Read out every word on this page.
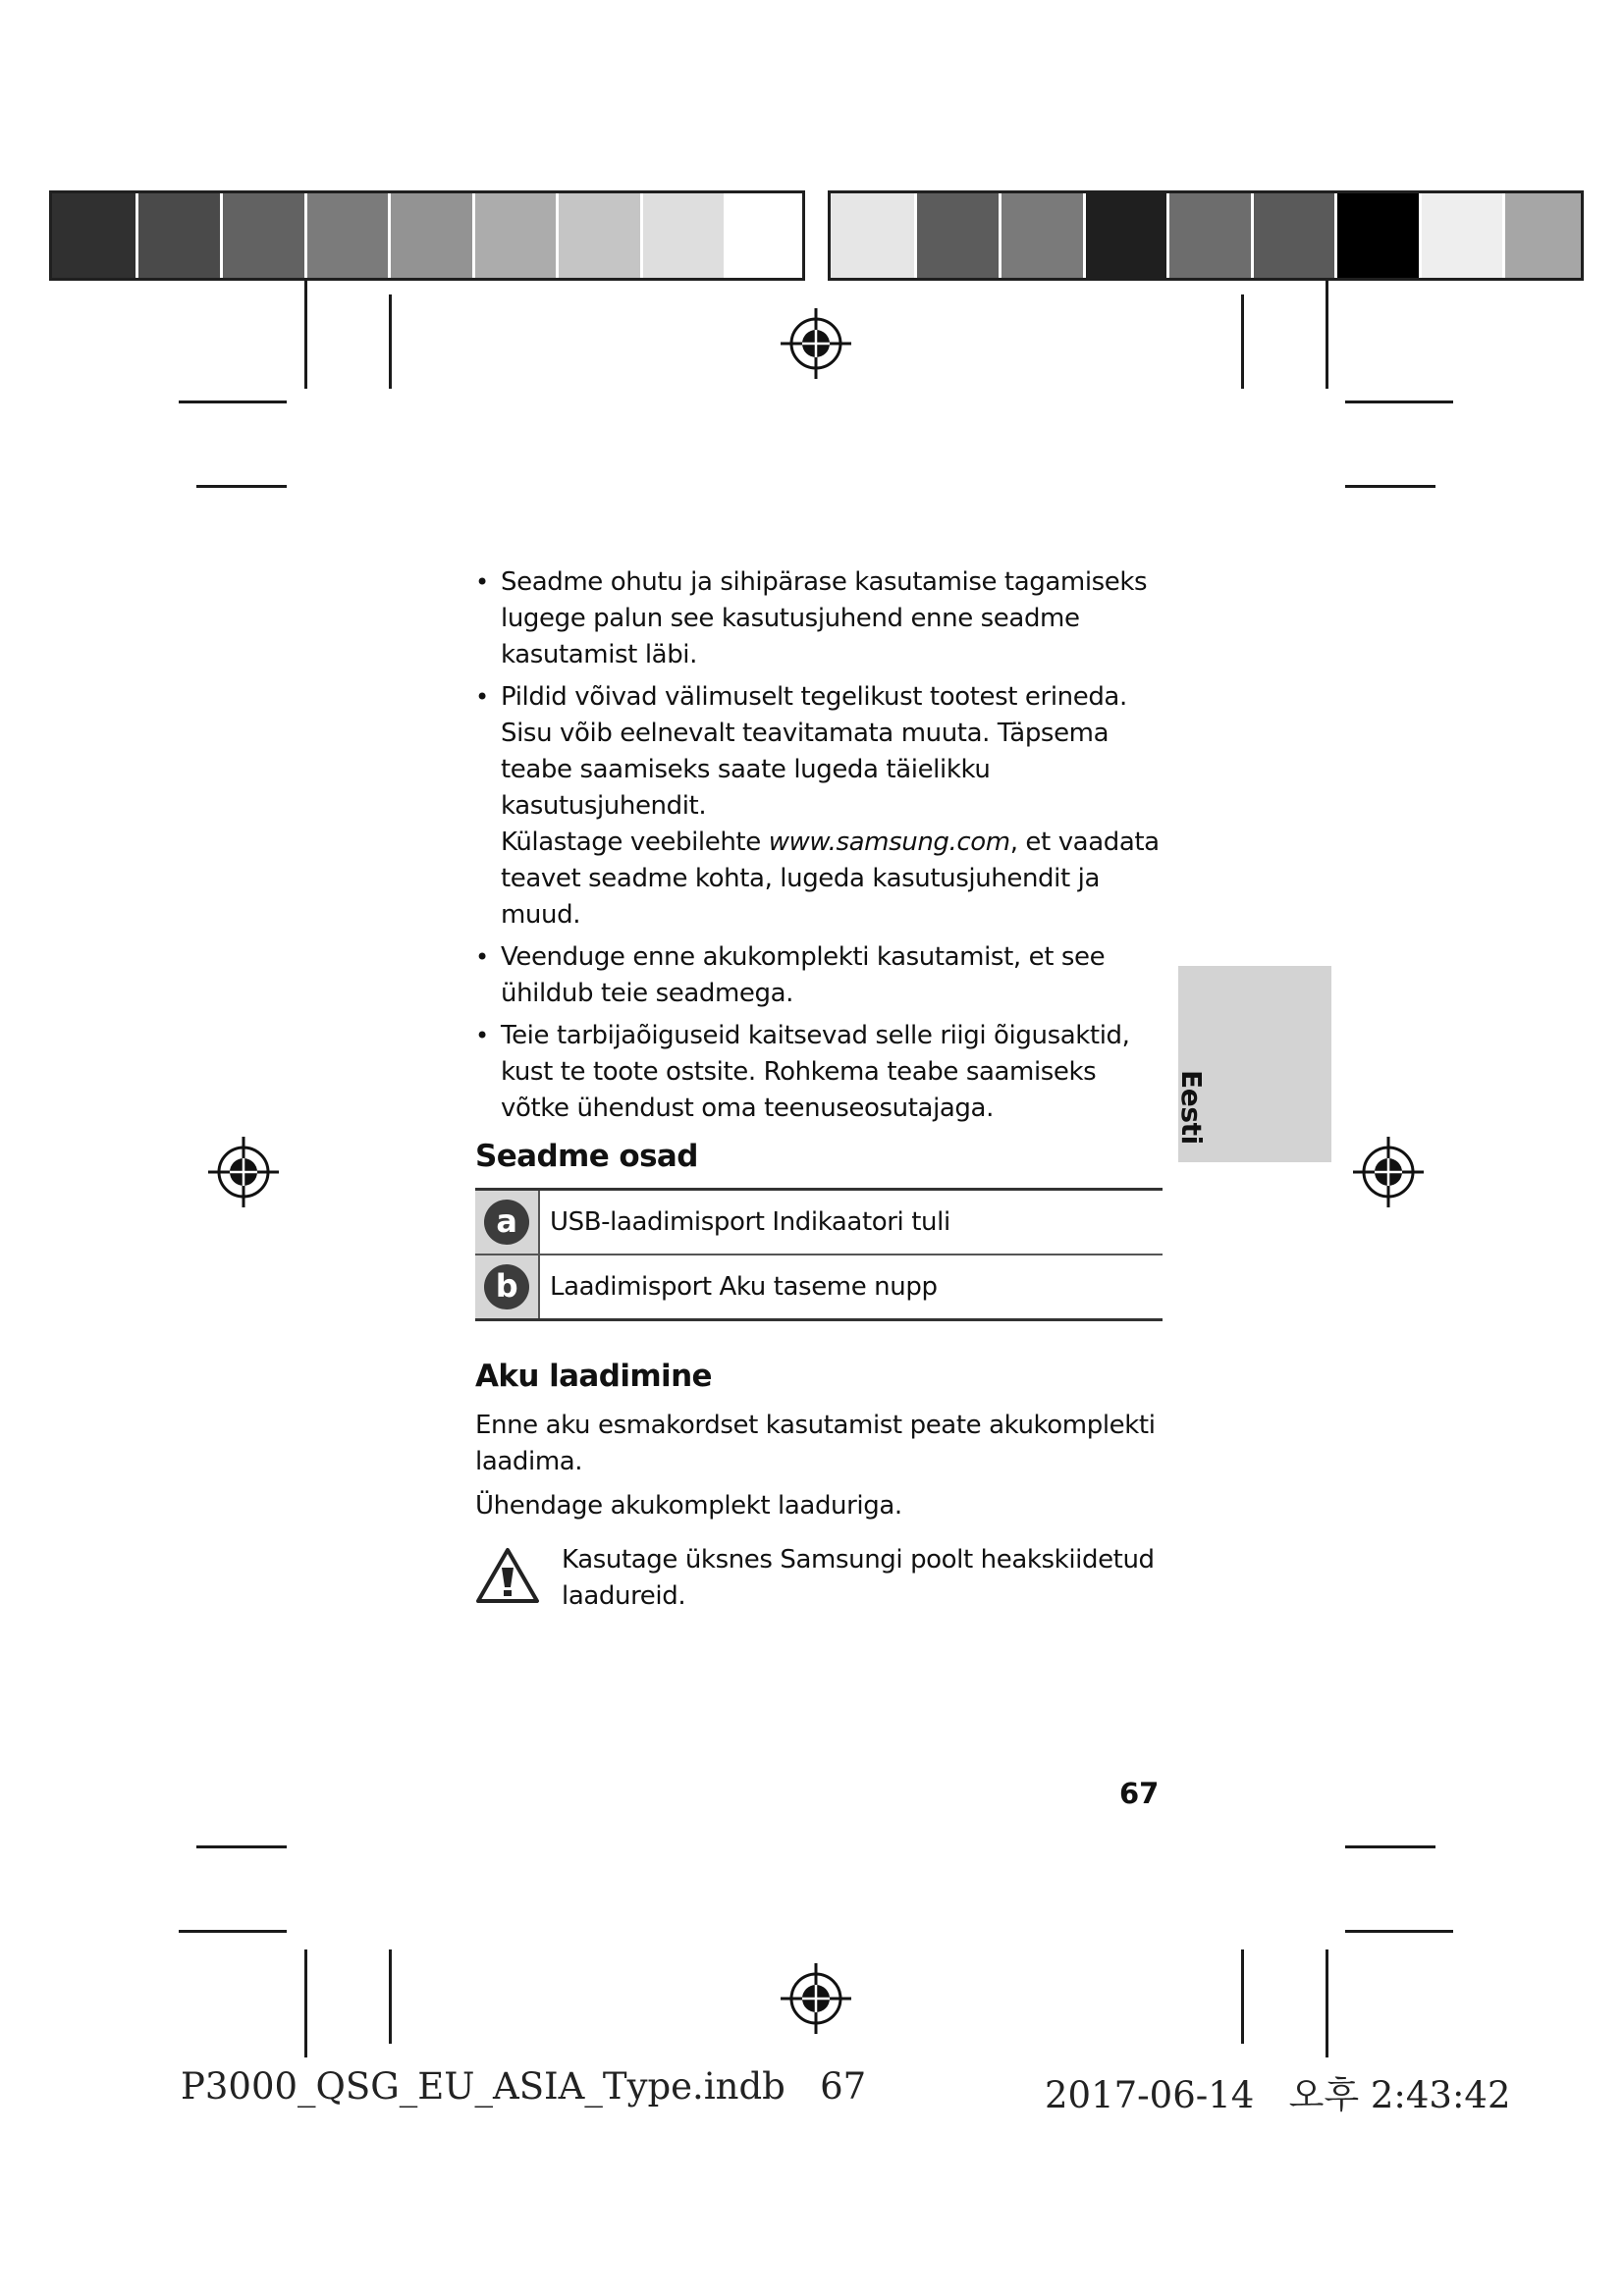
• Seadme ohutu ja sihipärase kasutamise tagamiseks lugege palun see kasutusjuhend enne seadme kasutamist läbi.

• Pildid võivad välimuselt tegelikust tootest erineda.

Sisu võib eelnevalt teavitamata muuta. Täpsema teabe saamiseks saate lugeda täielikku kasutusjuhendit.

Külastage veebilehte www.samsung.com, et vaadata teavet seadme kohta, lugeda kasutusjuhendit ja muud.

• Veenduge enne akukomplekti kasutamist, et see ühildub teie seadmega.

• Teie tarbijaõiguseid kaitsevad selle riigi õigusaktid, kust te toote ostsite. Rohkema teabe saamiseks võtke ühendust oma teenuseosutajaga.

Seadme osad
a	USB-laadimisport Indikaatori tuli
b	Laadimisport Aku taseme nupp
Aku laadimine

Enne aku esmakordset kasutamist peate akukomplekti laadima.

Ühendage akukomplekt laaduriga.

Kasutage üksnes Samsungi poolt heakskiidetud laadureid.

Eesti
67
P3000_QSG_EU_ASIA_Type.indb   67	2017-06-14   오후 2:43:42
